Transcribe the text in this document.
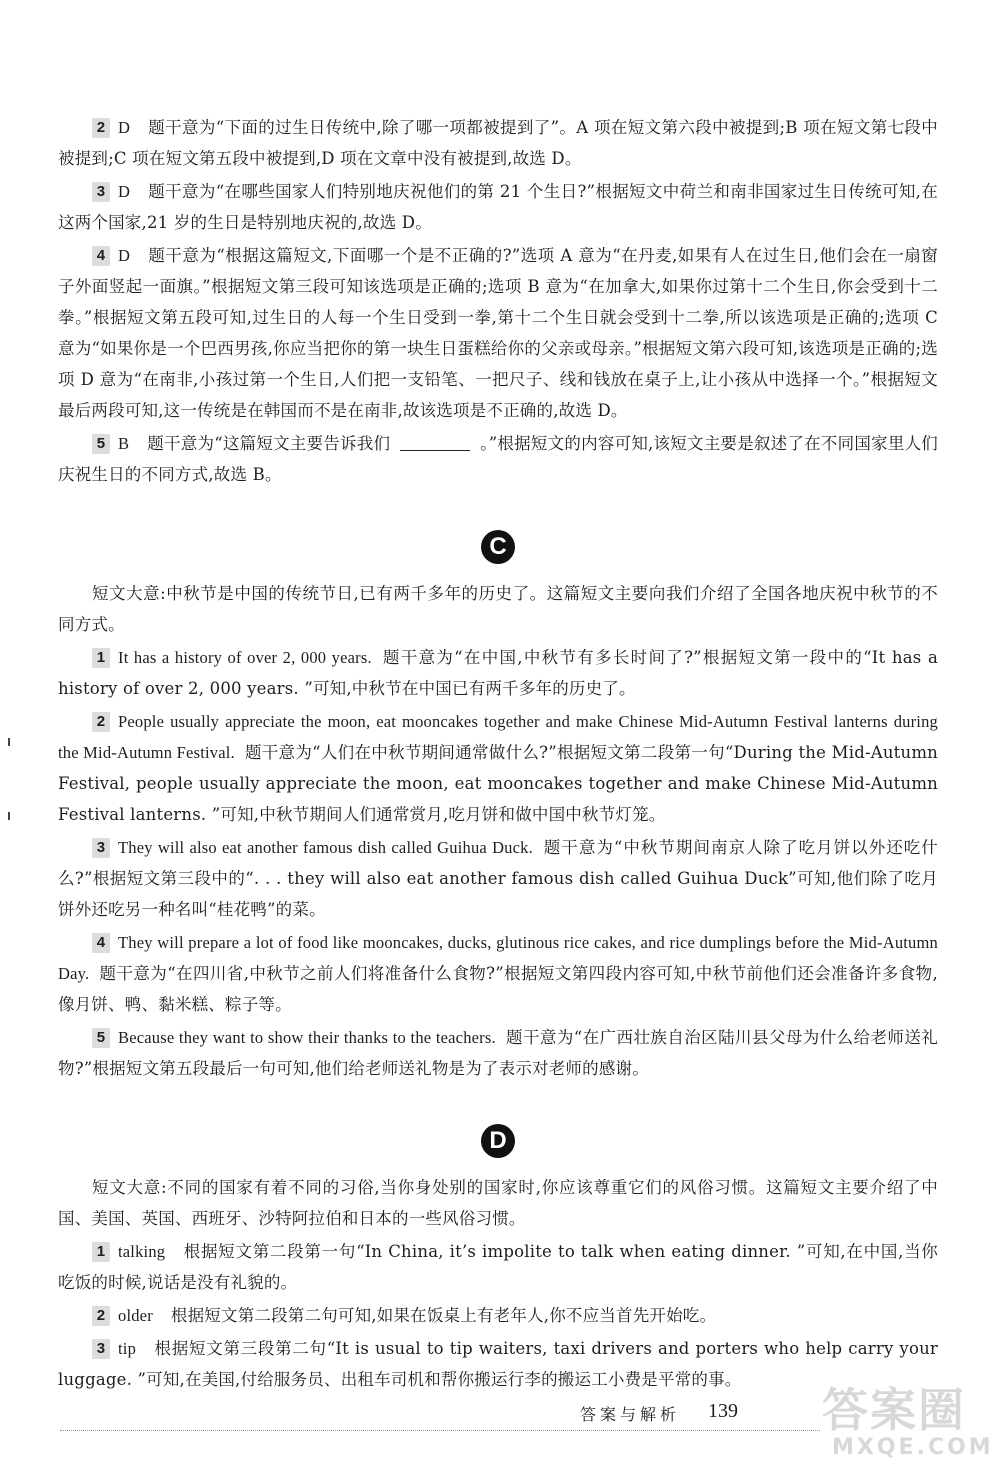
2 D 题干意为“下面的过生日传统中,除了哪一项都被提到了”。A 项在短文第六段中被提到;B 项在短文第七段中被提到;C 项在短文第五段中被提到,D 项在文章中没有被提到,故选 D。

3 D 题干意为“在哪些国家人们特别地庆祝他们的第 21 个生日?”根据短文中荷兰和南非国家过生日传统可知,在这两个国家,21 岁的生日是特别地庆祝的,故选 D。

4 D 题干意为“根据这篇短文,下面哪一个是不正确的?”选项 A 意为“在丹麦,如果有人在过生日,他们会在一扇窗子外面竖起一面旗。”根据短文第三段可知该选项是正确的;选项 B 意为“在加拿大,如果你过第十二个生日,你会受到十二拳。”根据短文第五段可知,过生日的人每一个生日受到一拳,第十二个生日就会受到十二拳,所以该选项是正确的;选项 C 意为“如果你是一个巴西男孩,你应当把你的第一块生日蛋糕给你的父亲或母亲。”根据短文第六段可知,该选项是正确的;选项 D 意为“在南非,小孩过第一个生日,人们把一支铅笔、一把尺子、线和钱放在桌子上,让小孩从中选择一个。”根据短文最后两段可知,这一传统是在韩国而不是在南非,故该选项是不正确的,故选 D。

5 B 题干意为“这篇短文主要告诉我们	。”根据短文的内容可知,该短文主要是叙述了在不同国家里人们庆祝生日的不同方式,故选 B。

C

短文大意:中秋节是中国的传统节日,已有两千多年的历史了。这篇短文主要向我们介绍了全国各地庆祝中秋节的不同方式。

1 It has a history of over 2, 000 years. 题干意为“在中国,中秋节有多长时间了?”根据短文第一段中的“It has a history of over 2, 000 years. ”可知,中秋节在中国已有两千多年的历史了。

2 People usually appreciate the moon, eat mooncakes together and make Chinese Mid-Autumn Festival lanterns during the Mid-Autumn Festival. 题干意为“人们在中秋节期间通常做什么?”根据短文第二段第一句“During the Mid-Autumn Festival, people usually appreciate the moon, eat mooncakes together and make Chinese Mid-Autumn Festival lanterns. ”可知,中秋节期间人们通常赏月,吃月饼和做中国中秋节灯笼。

3 They will also eat another famous dish called Guihua Duck. 题干意为“中秋节期间南京人除了吃月饼以外还吃什么?”根据短文第三段中的“. . . they will also eat another famous dish called Guihua Duck”可知,他们除了吃月饼外还吃另一种名叫“桂花鸭”的菜。

4 They will prepare a lot of food like mooncakes, ducks, glutinous rice cakes, and rice dumplings before the Mid-Autumn Day. 题干意为“在四川省,中秋节之前人们将准备什么食物?”根据短文第四段内容可知,中秋节前他们还会准备许多食物,像月饼、鸭、黏米糕、粽子等。

5 Because they want to show their thanks to the teachers. 题干意为“在广西壮族自治区陆川县父母为什么给老师送礼物?”根据短文第五段最后一句可知,他们给老师送礼物是为了表示对老师的感谢。

D

短文大意:不同的国家有着不同的习俗,当你身处别的国家时,你应该尊重它们的风俗习惯。这篇短文主要介绍了中国、美国、英国、西班牙、沙特阿拉伯和日本的一些风俗习惯。

1 talking 根据短文第二段第一句“In China, it’s impolite to talk when eating dinner. ”可知,在中国,当你吃饭的时候,说话是没有礼貌的。

2 older 根据短文第二段第二句可知,如果在饭桌上有老年人,你不应当首先开始吃。

3 tip 根据短文第三段第二句“It is usual to tip waiters, taxi drivers and porters who help carry your luggage. ”可知,在美国,付给服务员、出租车司机和帮你搬运行李的搬运工小费是平常的事。

答案与解析 139 答案圈
MXQE.COM
